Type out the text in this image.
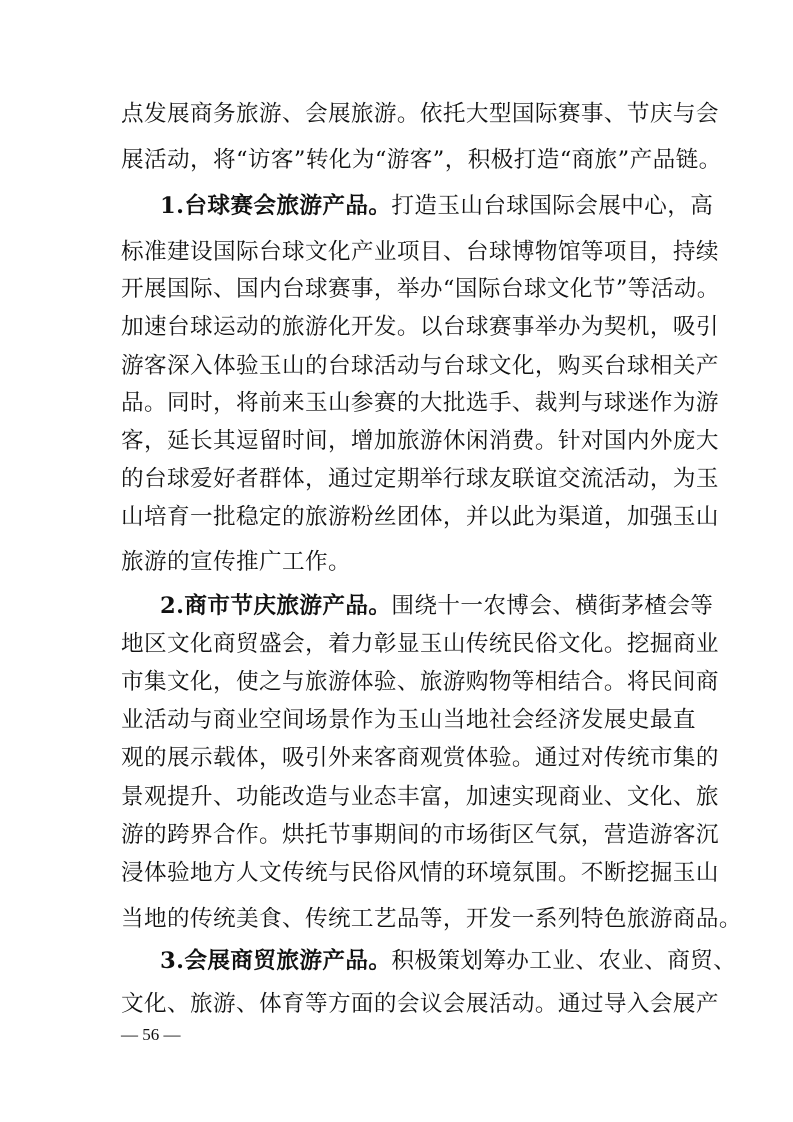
点发展商务旅游、会展旅游。依托大型国际赛事、节庆与会
展活动，将“访客”转化为“游客”，积极打造“商旅”产品链。
1.台球赛会旅游产品。打造玉山台球国际会展中心，高
标准建设国际台球文化产业项目、台球博物馆等项目，持续
开展国际、国内台球赛事，举办“国际台球文化节”等活动。
加速台球运动的旅游化开发。以台球赛事举办为契机，吸引
游客深入体验玉山的台球活动与台球文化，购买台球相关产
品。同时，将前来玉山参赛的大批选手、裁判与球迷作为游
客，延长其逗留时间，增加旅游休闲消费。针对国内外庞大
的台球爱好者群体，通过定期举行球友联谊交流活动，为玉
山培育一批稳定的旅游粉丝团体，并以此为渠道，加强玉山
旅游的宣传推广工作。
2.商市节庆旅游产品。围绕十一农博会、横街茅楂会等
地区文化商贸盛会，着力彰显玉山传统民俗文化。挖掘商业
市集文化，使之与旅游体验、旅游购物等相结合。将民间商
业活动与商业空间场景作为玉山当地社会经济发展史最直
观的展示载体，吸引外来客商观赏体验。通过对传统市集的
景观提升、功能改造与业态丰富，加速实现商业、文化、旅
游的跨界合作。烘托节事期间的市场街区气氛，营造游客沉
浸体验地方人文传统与民俗风情的环境氛围。不断挖掘玉山
当地的传统美食、传统工艺品等，开发一系列特色旅游商品。
3.会展商贸旅游产品。积极策划筹办工业、农业、商贸、
文化、旅游、体育等方面的会议会展活动。通过导入会展产
— 56 —
